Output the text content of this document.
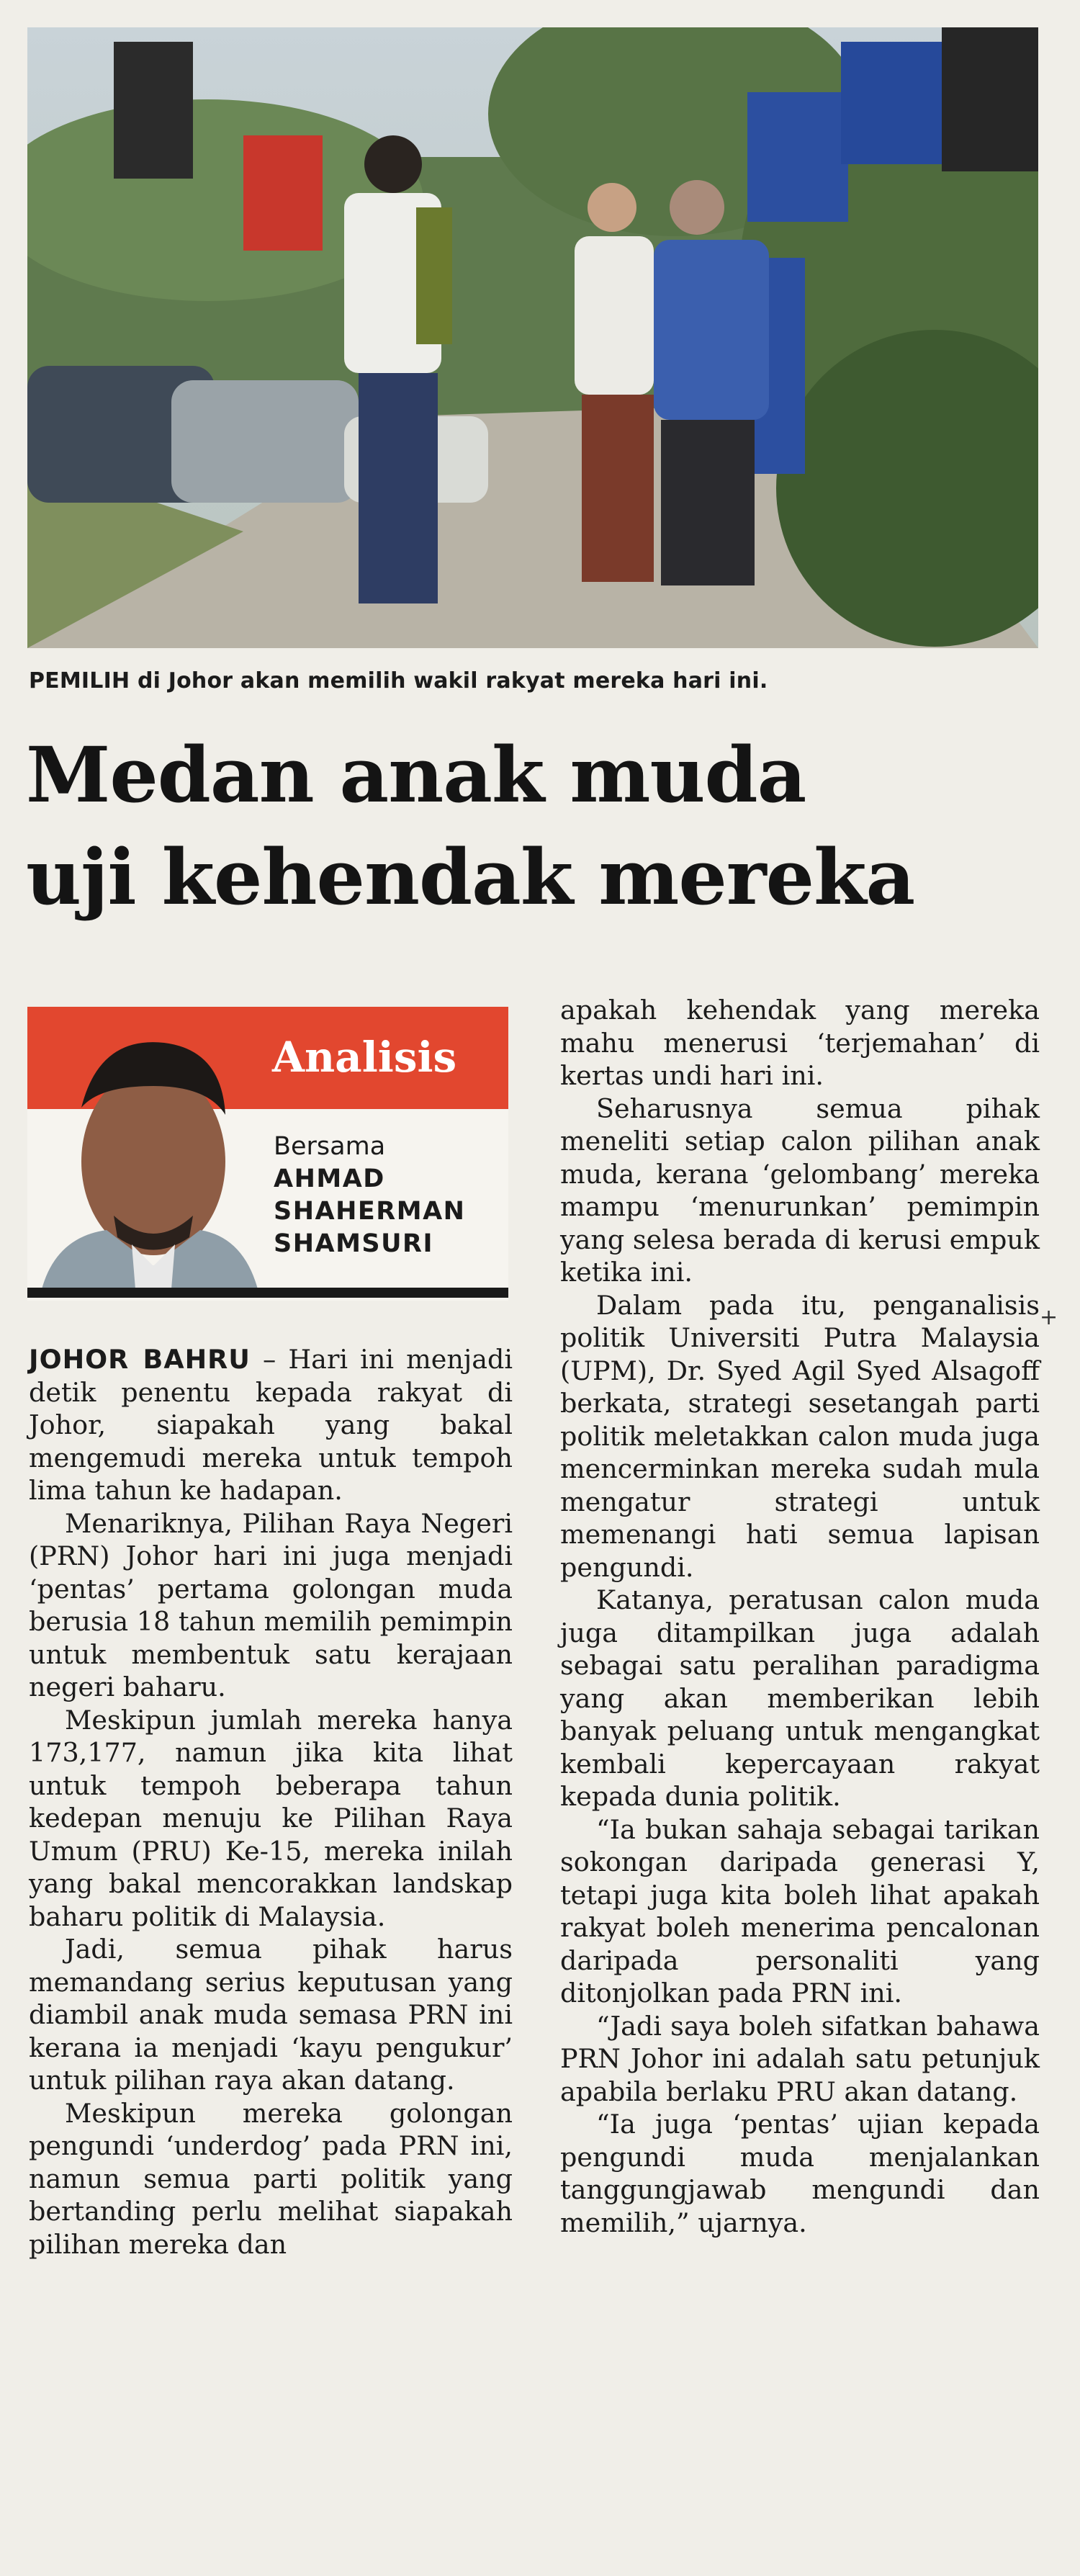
PEMILIH di Johor akan memilih wakil rakyat mereka hari ini.
Medan anak muda
uji kehendak mereka
Analisis
Bersama
AHMAD
SHAHERMAN
SHAMSURI

JOHOR BAHRU – Hari ini menjadi detik penentu kepada rakyat di Johor, siapakah yang bakal mengemudi mereka untuk tempoh lima tahun ke hadapan.

Menariknya, Pilihan Raya Negeri (PRN) Johor hari ini juga menjadi ‘pentas’ pertama golongan muda berusia 18 tahun memilih pemimpin untuk membentuk satu kerajaan negeri baharu.

Meskipun jumlah mereka hanya 173,177, namun jika kita lihat untuk tempoh beberapa tahun kedepan menuju ke Pilihan Raya Umum (PRU) Ke-15, mereka inilah yang bakal mencorakkan landskap baharu politik di Malaysia.

Jadi, semua pihak harus memandang serius keputusan yang diambil anak muda semasa PRN ini kerana ia menjadi ‘kayu pengukur’ untuk pilihan raya akan datang.

Meskipun mereka golongan pengundi ‘underdog’ pada PRN ini, namun semua parti politik yang bertanding perlu melihat siapakah pilihan mereka dan

apakah kehendak yang mereka mahu menerusi ‘terjemahan’ di kertas undi hari ini.

Seharusnya semua pihak meneliti setiap calon pilihan anak muda, kerana ‘gelombang’ mereka mampu ‘menurunkan’ pemimpin yang selesa berada di kerusi empuk ketika ini.

Dalam pada itu, penganalisis politik Universiti Putra Malaysia (UPM), Dr. Syed Agil Syed Alsagoff berkata, strategi sesetangah parti politik meletakkan calon muda juga mencerminkan mereka sudah mula mengatur strategi untuk memenangi hati semua lapisan pengundi.

Katanya, peratusan calon muda juga ditampilkan juga adalah sebagai satu peralihan paradigma yang akan memberikan lebih banyak peluang untuk mengangkat kembali kepercayaan rakyat kepada dunia politik.

“Ia bukan sahaja sebagai tarikan sokongan daripada generasi Y, tetapi juga kita boleh lihat apakah rakyat boleh menerima pencalonan daripada personaliti yang ditonjolkan pada PRN ini.

“Jadi saya boleh sifatkan bahawa PRN Johor ini adalah satu petunjuk apabila berlaku PRU akan datang.

“Ia juga ‘pentas’ ujian kepada pengundi muda menjalankan tanggungjawab mengundi dan memilih,” ujarnya.

+
